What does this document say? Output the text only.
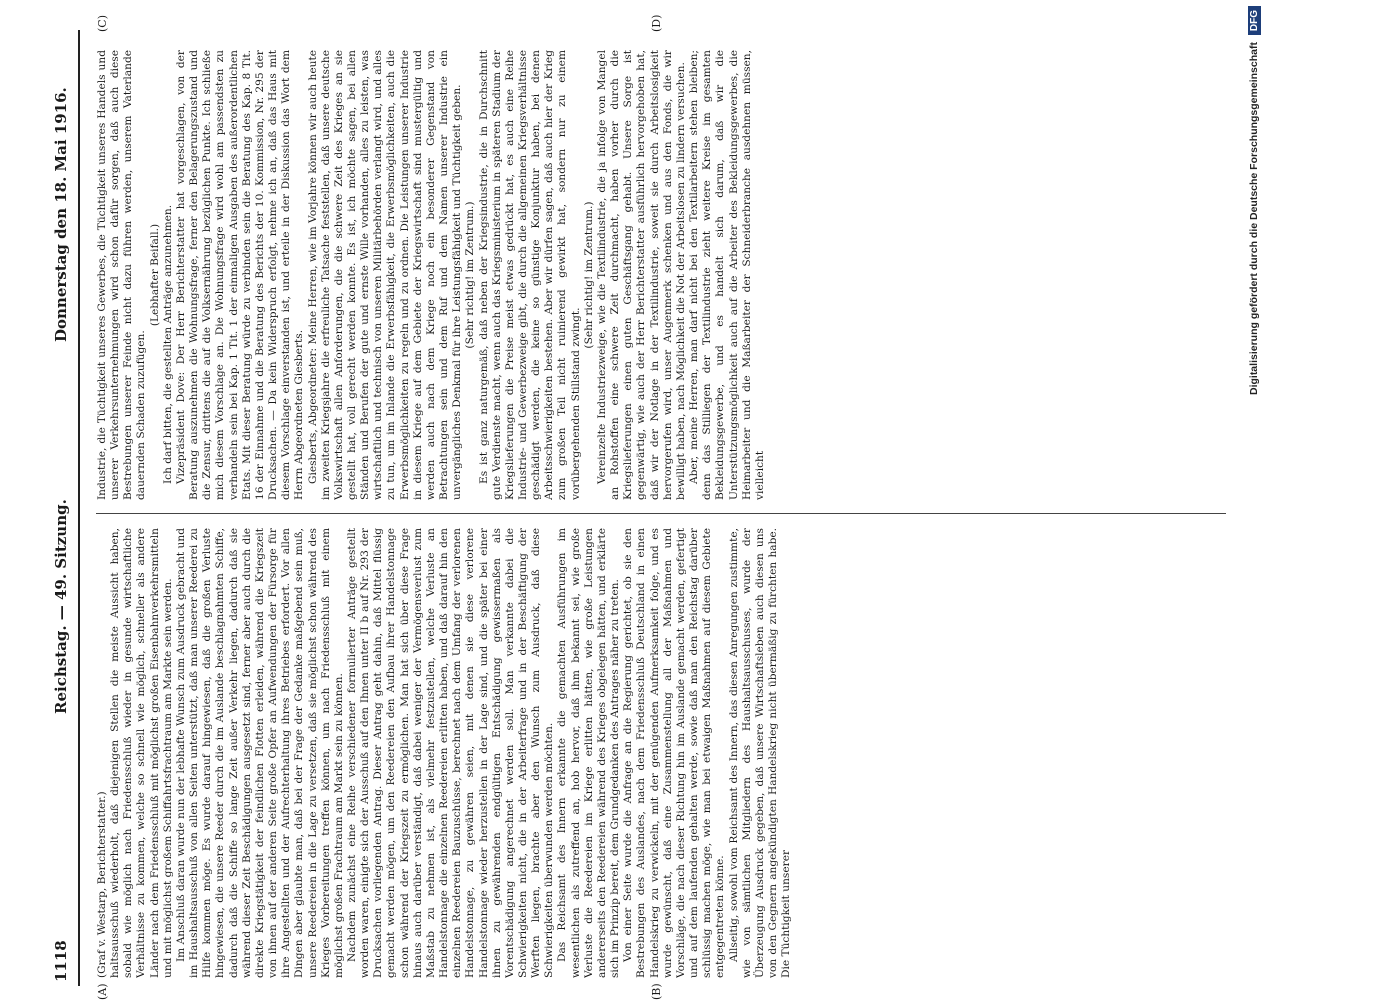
1118
Reichstag. — 49. Sitzung.
Donnerstag den 18. Mai 1916.
(A)	(B)
(C)	(D)

(Graf v. Westarp, Berichterstatter.) haltsausschuß wiederholt, daß diejenigen Stellen die meiste Aussicht haben, sobald wie möglich nach Friedensschluß wieder in gesunde wirtschaftliche Verhältnisse zu kommen, welche so schnell wie möglich, schneller als andere Länder nach dem Friedensschluß mit möglichst großen Eisenbahnverkehrsmitteln und mit möglichst großem Schiffahrtsfrachtraum am Markte sein werden. Im Anschluß daran wurde nun der lebhafte Wunsch zum Ausdruck gebracht und im Haushaltsausschuß von allen Seiten unterstützt, daß man unserer Reederei zu Hilfe kommen möge. Es wurde darauf hingewiesen, daß die großen Verluste hingewiesen, die unsere Reeder durch die im Auslande beschlagnahmten Schiffe, dadurch daß die Schiffe so lange Zeit außer Verkehr liegen, dadurch daß sie während dieser Zeit Beschädigungen ausgesetzt sind, ferner aber auch durch die direkte Kriegstätigkeit der feindlichen Flotten erleiden, während die Kriegszeit von ihnen auf der anderen Seite große Opfer an Aufwendungen der Fürsorge für ihre Angestellten und der Aufrechterhaltung ihres Betriebes erfordert. Vor allen Dingen aber glaubte man, daß bei der Frage der Gedanke maßgebend sein muß, unsere Reedereien in die Lage zu versetzen, daß sie möglichst schon während des Krieges Vorbereitungen treffen können, um nach Friedensschluß mit einem möglichst großen Frachtraum am Markt sein zu können. Nachdem zunächst eine Reihe verschiedener formulierter Anträge gestellt worden waren, einigte sich der Ausschuß auf den Ihnen unter II b auf Nr. 293 der Drucksachen vorliegenden Antrag. Dieser Antrag geht dahin, daß Mittel flüssig gemacht werden mögen, um den Reedereien den Aufbau ihrer Handelstonnage schon während der Kriegszeit zu ermöglichen. Man hat sich über diese Frage hinaus auch darüber verständigt, daß dabei weniger der Vermögensverlust zum Maßstab zu nehmen ist, als vielmehr festzustellen, welche Verluste an Handelstonnage die einzelnen Reedereien erlitten haben, und daß darauf hin den einzelnen Reedereien Bauzuschüsse, berechnet nach dem Umfang der verlorenen Handelstonnage, zu gewähren seien, mit denen sie diese verlorene Handelstonnage wieder herzustellen in der Lage sind, und die später bei einer ihnen zu gewährenden endgültigen Entschädigung gewissermaßen als Vorentschädigung angerechnet werden soll. Man verkannte dabei die Schwierigkeiten nicht, die in der Arbeiterfrage und in der Beschäftigung der Werften liegen, brachte aber den Wunsch zum Ausdruck, daß diese Schwierigkeiten überwunden werden möchten. Das Reichsamt des Innern erkannte die gemachten Ausführungen im wesentlichen als zutreffend an, hob hervor, daß ihm bekannt sei, wie große Verluste die Reedereien im Kriege erlitten hätten, wie große Leistungen andererseits den Reedereien während des Krieges obgelegen hätten, und erklärte sich im Prinzip bereit, dem Grundgedanken des Antrages näher zu treten. Von einer Seite wurde die Anfrage an die Regierung gerichtet, ob sie den Bestrebungen des Auslandes, nach dem Friedensschluß Deutschland in einen Handelskrieg zu verwickeln, mit der genügenden Aufmerksamkeit folge, und es wurde gewünscht, daß eine Zusammenstellung all der Maßnahmen und Vorschläge, die nach dieser Richtung hin im Auslande gemacht werden, gefertigt und auf dem laufenden gehalten werde, sowie daß man den Reichstag darüber schlüssig machen möge, wie man bei etwaigen Maßnahmen auf diesem Gebiete entgegentreten könne. Allseitig, sowohl vom Reichsamt des Innern, das diesen Anregungen zustimmte, wie von sämtlichen Mitgliedern des Haushaltsausschusses, wurde der Überzeugung Ausdruck gegeben, daß unsere Wirtschaftsleben auch diesen uns von den Gegnern angekündigten Handelskrieg nicht übermäßig zu fürchten habe. Die Tüchtigkeit unserer

Industrie, die Tüchtigkeit unseres Gewerbes, die Tüchtigkeit unseres Handels und unserer Verkehrsunternehmungen wird schon dafür sorgen, daß auch diese Bestrebungen unserer Feinde nicht dazu führen werden, unserem Vaterlande dauernden Schaden zuzufügen.

(Lebhafter Beifall.) Ich darf bitten, die gestellten Anträge anzunehmen. Vizepräsident Dove: Der Herr Berichterstatter hat vorgeschlagen, von der Beratung auszunehmen die Wohnungsfrage, ferner den Belagerungszustand und die Zensur, drittens die auf die Volksernährung bezüglichen Punkte. Ich schließe mich diesem Vorschlage an. Die Wohnungsfrage wird wohl am passendsten zu verhandeln sein bei Kap. 1 Tit. 1 der einmaligen Ausgaben des außerordentlichen Etats. Mit dieser Beratung würde zu verbinden sein die Beratung des Kap. 8 Tit. 16 der Einnahme und die Beratung des Berichts der 10. Kommission, Nr. 295 der Drucksachen. — Da kein Widerspruch erfolgt, nehme ich an, daß das Haus mit diesem Vorschlage einverstanden ist, und erteile in der Diskussion das Wort dem Herrn Abgeordneten Giesberts. Giesberts, Abgeordneter: Meine Herren, wie im Vorjahre können wir auch heute im zweiten Kriegsjahre die erfreuliche Tatsache feststellen, daß unsere deutsche Volkswirtschaft allen Anforderungen, die die schwere Zeit des Krieges an sie gestellt hat, voll gerecht werden konnte. Es ist, ich möchte sagen, bei allen Ständen und Berufen der gute und ernste Wille vorhanden, alles zu leisten, was wirtschaftlich und technisch von unseren Militärbehörden verlangt wird, und alles zu tun, um im Inlande die Erwerbsfähigkeit, die Erwerbsmöglichkeiten, auch die Erwerbsmöglichkeiten zu regeln und zu ordnen. Die Leistungen unserer Industrie in diesem Kriege auf dem Gebiete der Kriegswirtschaft sind mustergültig und werden auch nach dem Kriege noch ein besonderer Gegenstand von Betrachtungen sein und dem Ruf und dem Namen unserer Industrie ein unvergängliches Denkmal für ihre Leistungsfähigkeit und Tüchtigkeit geben. (Sehr richtig! im Zentrum.) Es ist ganz naturgemäß, daß neben der Kriegsindustrie, die in Durchschnitt gute Verdienste macht, wenn auch das Kriegsministerium in späteren Stadium der Kriegslieferungen die Preise meist etwas gedrückt hat, es auch eine Reihe Industrie- und Gewerbezweige gibt, die durch die allgemeinen Kriegsverhältnisse geschädigt werden, die keine so günstige Konjunktur haben, bei denen Arbeitsschwierigkeiten bestehen. Aber wir dürfen sagen, daß auch hier der Krieg zum großen Teil nicht ruinierend gewirkt hat, sondern nur zu einem vorübergehenden Stillstand zwingt.

(Sehr richtig! im Zentrum.) Vereinzelte Industriezweige, wie die Textilindustrie, die ja infolge von Mangel an Rohstoffen eine schwere Zeit durchmacht, haben vorher durch die Kriegslieferungen einen guten Geschäftsgang gehabt. Unsere Sorge ist gegenwärtig, wie auch der Herr Berichterstatter ausführlich hervorgehoben hat, daß wir der Notlage in der Textilindustrie, soweit sie durch Arbeitslosigkeit hervorgerufen wird, unser Augenmerk schenken und aus den Fonds, die wir bewilligt haben, nach Möglichkeit die Not der Arbeitslosen zu lindern versuchen. Aber, meine Herren, man darf nicht bei den Textilarbeitern stehen bleiben; denn das Stilliegen der Textilindustrie zieht weitere Kreise im gesamten Bekleidungsgewerbe, und es handelt sich darum, daß wir die Unterstützungsmöglichkeit auch auf die Arbeiter des Bekleidungsgewerbes, die Heimarbeiter und die Maßarbeiter der Schneiderbranche ausdehnen müssen, vielleicht

Digitalisierung gefördert durch die Deutsche Forschungsgemeinschaft DFG
